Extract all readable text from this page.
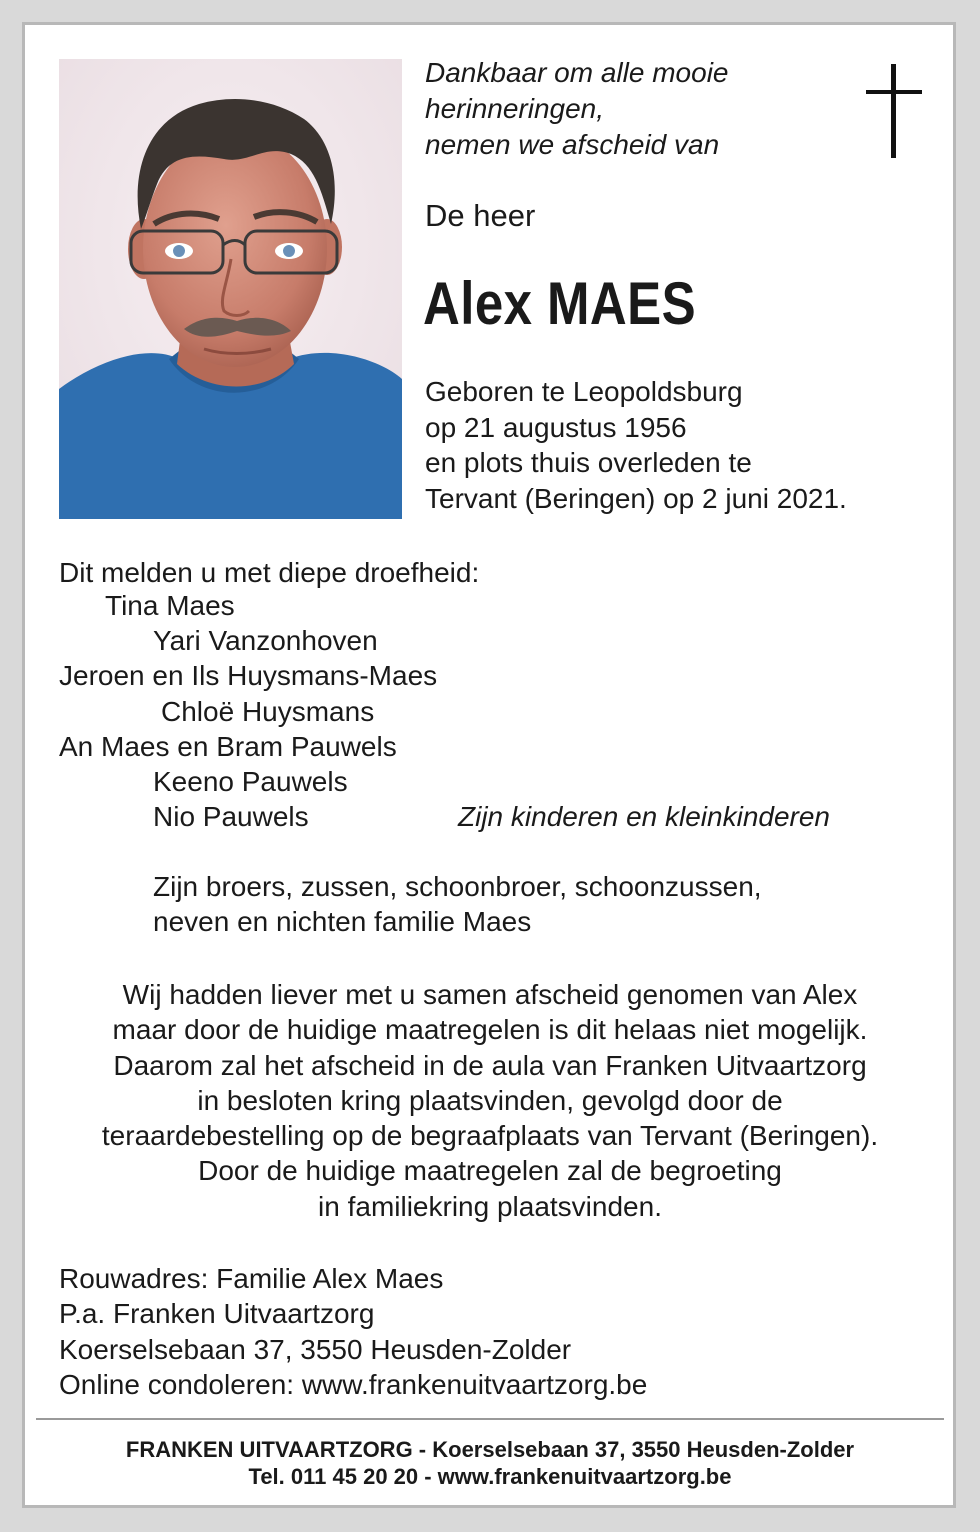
Dankbaar om alle mooie
herinneringen,
nemen we afscheid van
De heer
Alex MAES
Geboren te Leopoldsburg
op 21 augustus 1956
en plots thuis overleden te
Tervant (Beringen) op 2 juni 2021.
Dit melden u met diepe droefheid:
Tina Maes
Yari Vanzonhoven
Jeroen en Ils Huysmans-Maes
Chloë Huysmans
An Maes en Bram Pauwels
Keeno Pauwels
Nio Pauwels	Zijn kinderen en kleinkinderen
Zijn broers, zussen, schoonbroer, schoonzussen,
neven en nichten familie Maes
Wij hadden liever met u samen afscheid genomen van Alex
maar door de huidige maatregelen is dit helaas niet mogelijk.
Daarom zal het afscheid in de aula van Franken Uitvaartzorg
in besloten kring plaatsvinden, gevolgd door de
teraardebestelling op de begraafplaats van Tervant (Beringen).
Door de huidige maatregelen zal de begroeting
in familiekring plaatsvinden.
Rouwadres: Familie Alex Maes
P.a. Franken Uitvaartzorg
Koerselsebaan 37, 3550 Heusden-Zolder
Online condoleren: www.frankenuitvaartzorg.be
FRANKEN UITVAARTZORG - Koerselsebaan 37, 3550 Heusden-Zolder
Tel. 011 45 20 20 - www.frankenuitvaartzorg.be
